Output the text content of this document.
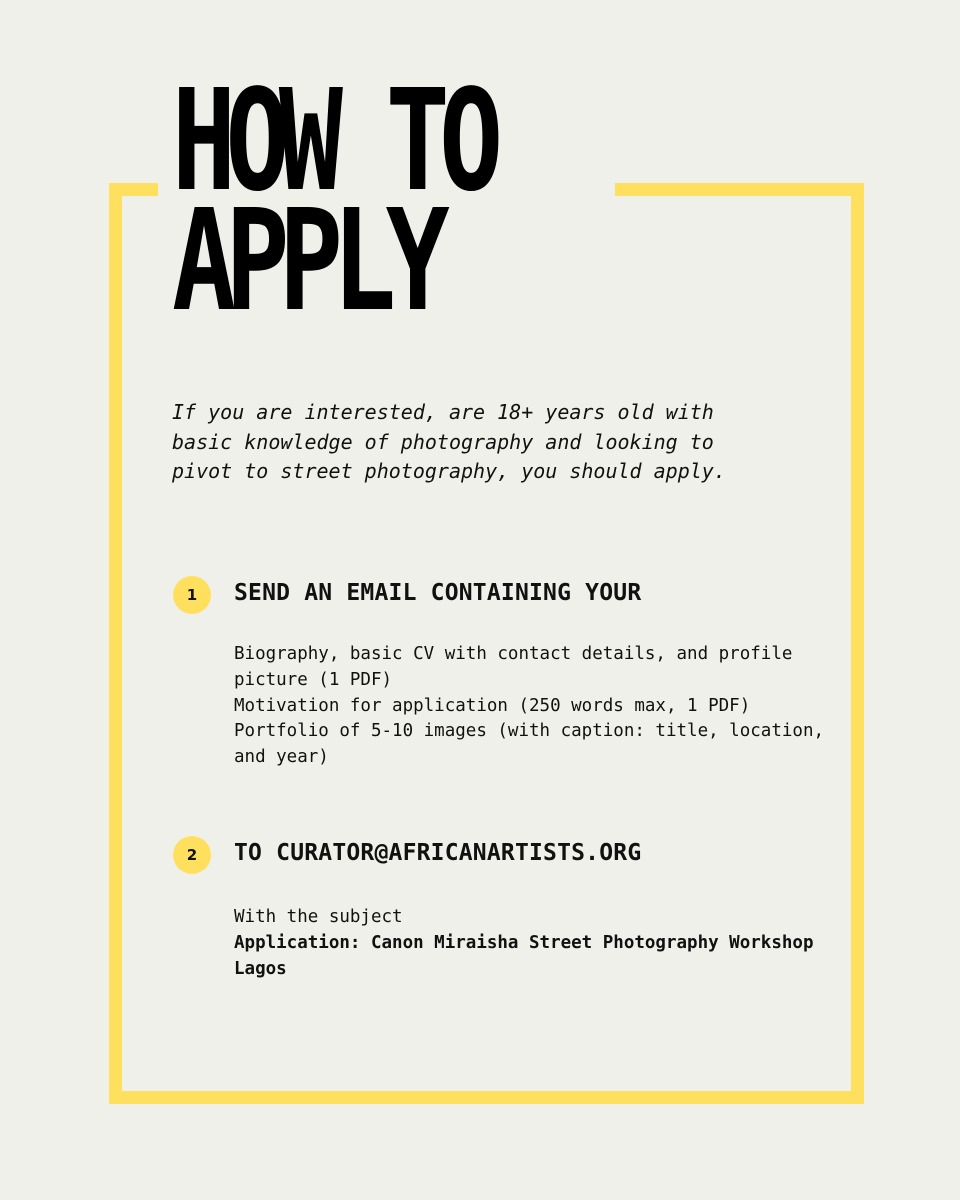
HOW TO
APPLY

If you are interested, are 18+ years old with basic knowledge of photography and looking to pivot to street photography, you should apply.

1	SEND AN EMAIL CONTAINING YOUR

Biography, basic CV with contact details, and profile picture (1 PDF)

Motivation for application (250 words max, 1 PDF)

Portfolio of 5-10 images (with caption: title, location, and year)

2	TO CURATOR@AFRICANARTISTS.ORG

With the subject

Application: Canon Miraisha Street Photography Workshop Lagos
